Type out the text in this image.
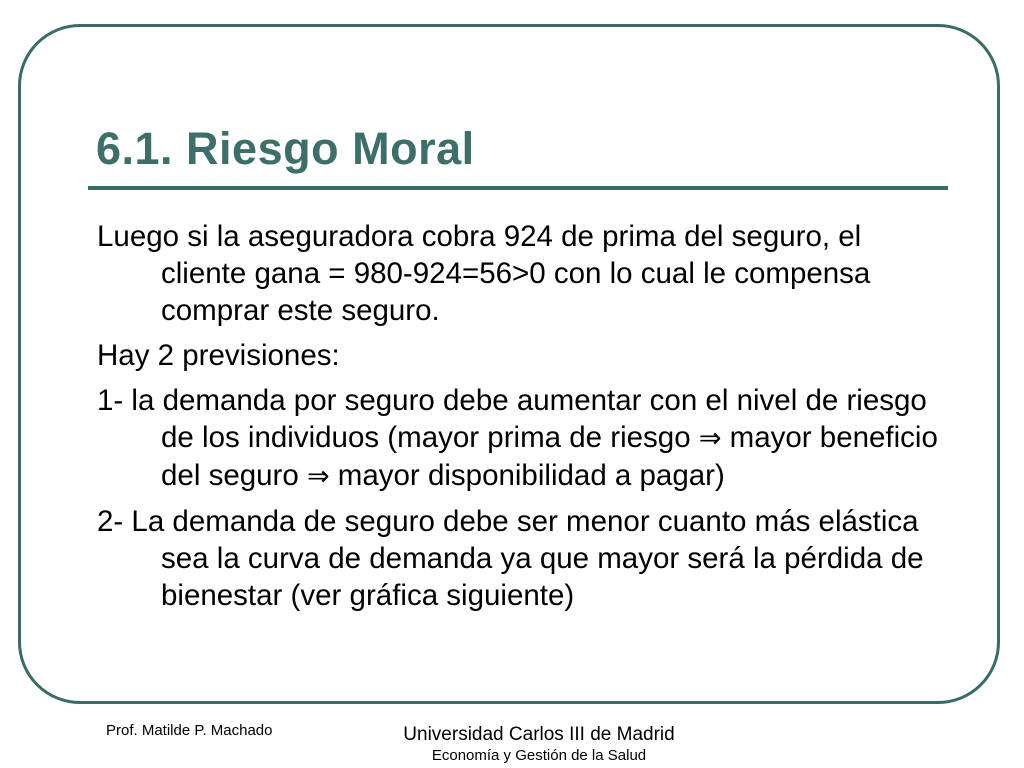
6.1. Riesgo Moral

Luego si la aseguradora cobra 924 de prima del seguro, el cliente gana = 980-924=56>0 con lo cual le compensa comprar este seguro.

Hay 2 previsiones:

1- la demanda por seguro debe aumentar con el nivel de riesgo de los individuos (mayor prima de riesgo ⇒ mayor beneficio del seguro ⇒ mayor disponibilidad a pagar)

2- La demanda de seguro debe ser menor cuanto más elástica sea la curva de demanda ya que mayor será la pérdida de bienestar (ver gráfica siguiente)

Prof. Matilde P. Machado	Universidad Carlos III de Madrid
Economía y Gestión de la Salud
